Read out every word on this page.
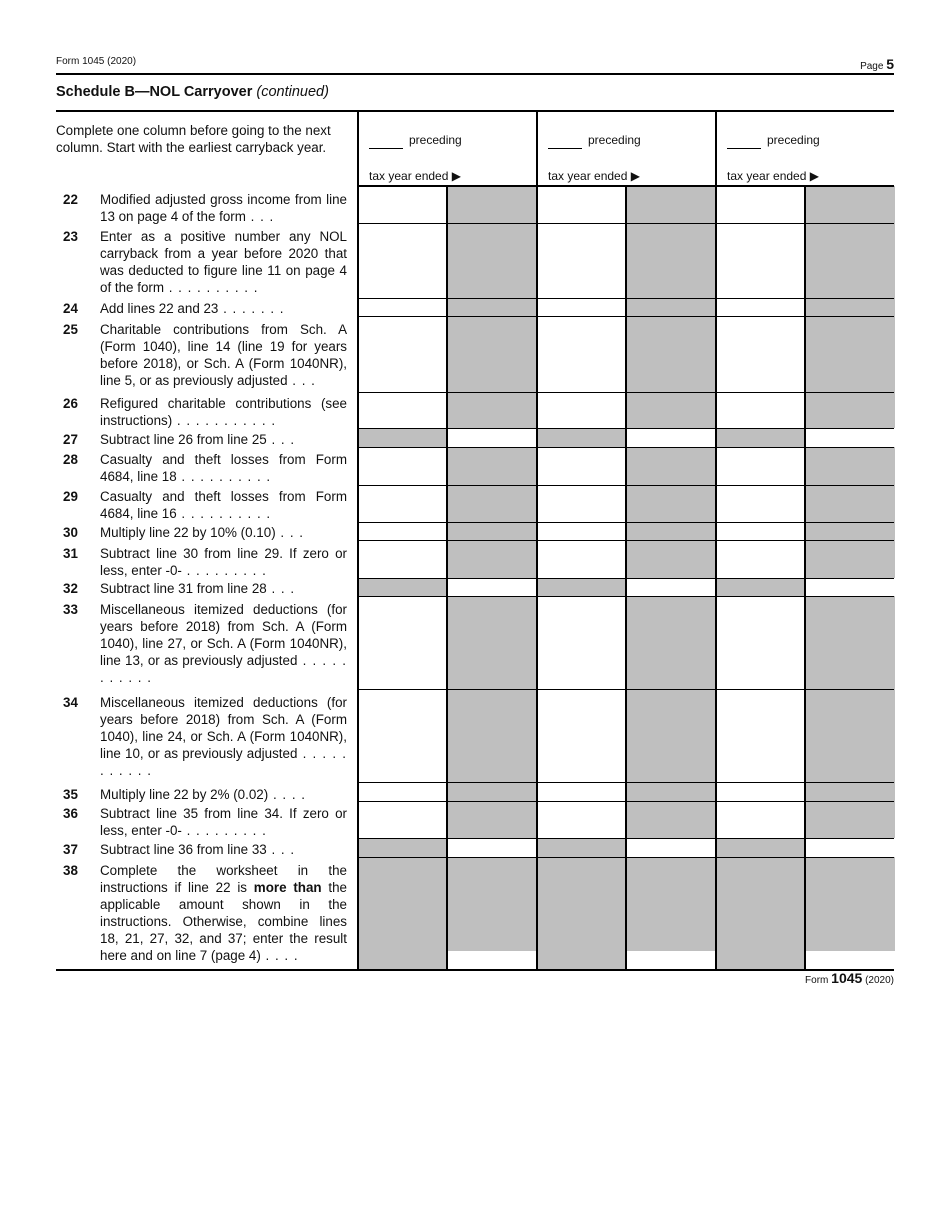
Form 1045 (2020)	Page 5
Schedule B—NOL Carryover (continued)
Complete one column before going to the next column. Start with the earliest carryback year.	preceding
tax year ended ▶
preceding
tax year ended ▶
preceding
tax year ended ▶
22 Modified adjusted gross income from line 13 on page 4 of the form . . .
23 Enter as a positive number any NOL carryback from a year before 2020 that was deducted to figure line 11 on page 4 of the form . . . . . . . . . .
24 Add lines 22 and 23 . . . . . . .
25 Charitable contributions from Sch. A (Form 1040), line 14 (line 19 for years before 2018), or Sch. A (Form 1040NR), line 5, or as previously adjusted . . .
26 Refigured charitable contributions (see instructions) . . . . . . . . . . .
27 Subtract line 26 from line 25 . . .
28 Casualty and theft losses from Form 4684, line 18 . . . . . . . . . .
29 Casualty and theft losses from Form 4684, line 16 . . . . . . . . . .
30 Multiply line 22 by 10% (0.10) . . .
31 Subtract line 30 from line 29. If zero or less, enter -0- . . . . . . . . .
32 Subtract line 31 from line 28 . . .
33 Miscellaneous itemized deductions (for years before 2018) from Sch. A (Form 1040), line 27, or Sch. A (Form 1040NR), line 13, or as previously adjusted . . . . . . . . . . .
34 Miscellaneous itemized deductions (for years before 2018) from Sch. A (Form 1040), line 24, or Sch. A (Form 1040NR), line 10, or as previously adjusted . . . . . . . . . . .
35 Multiply line 22 by 2% (0.02) . . . .
36 Subtract line 35 from line 34. If zero or less, enter -0- . . . . . . . . .
37 Subtract line 36 from line 33 . . .
38 Complete the worksheet in the instructions if line 22 is more than the applicable amount shown in the instructions. Otherwise, combine lines 18, 21, 27, 32, and 37; enter the result here and on line 7 (page 4) . . . .
Form 1045 (2020)
